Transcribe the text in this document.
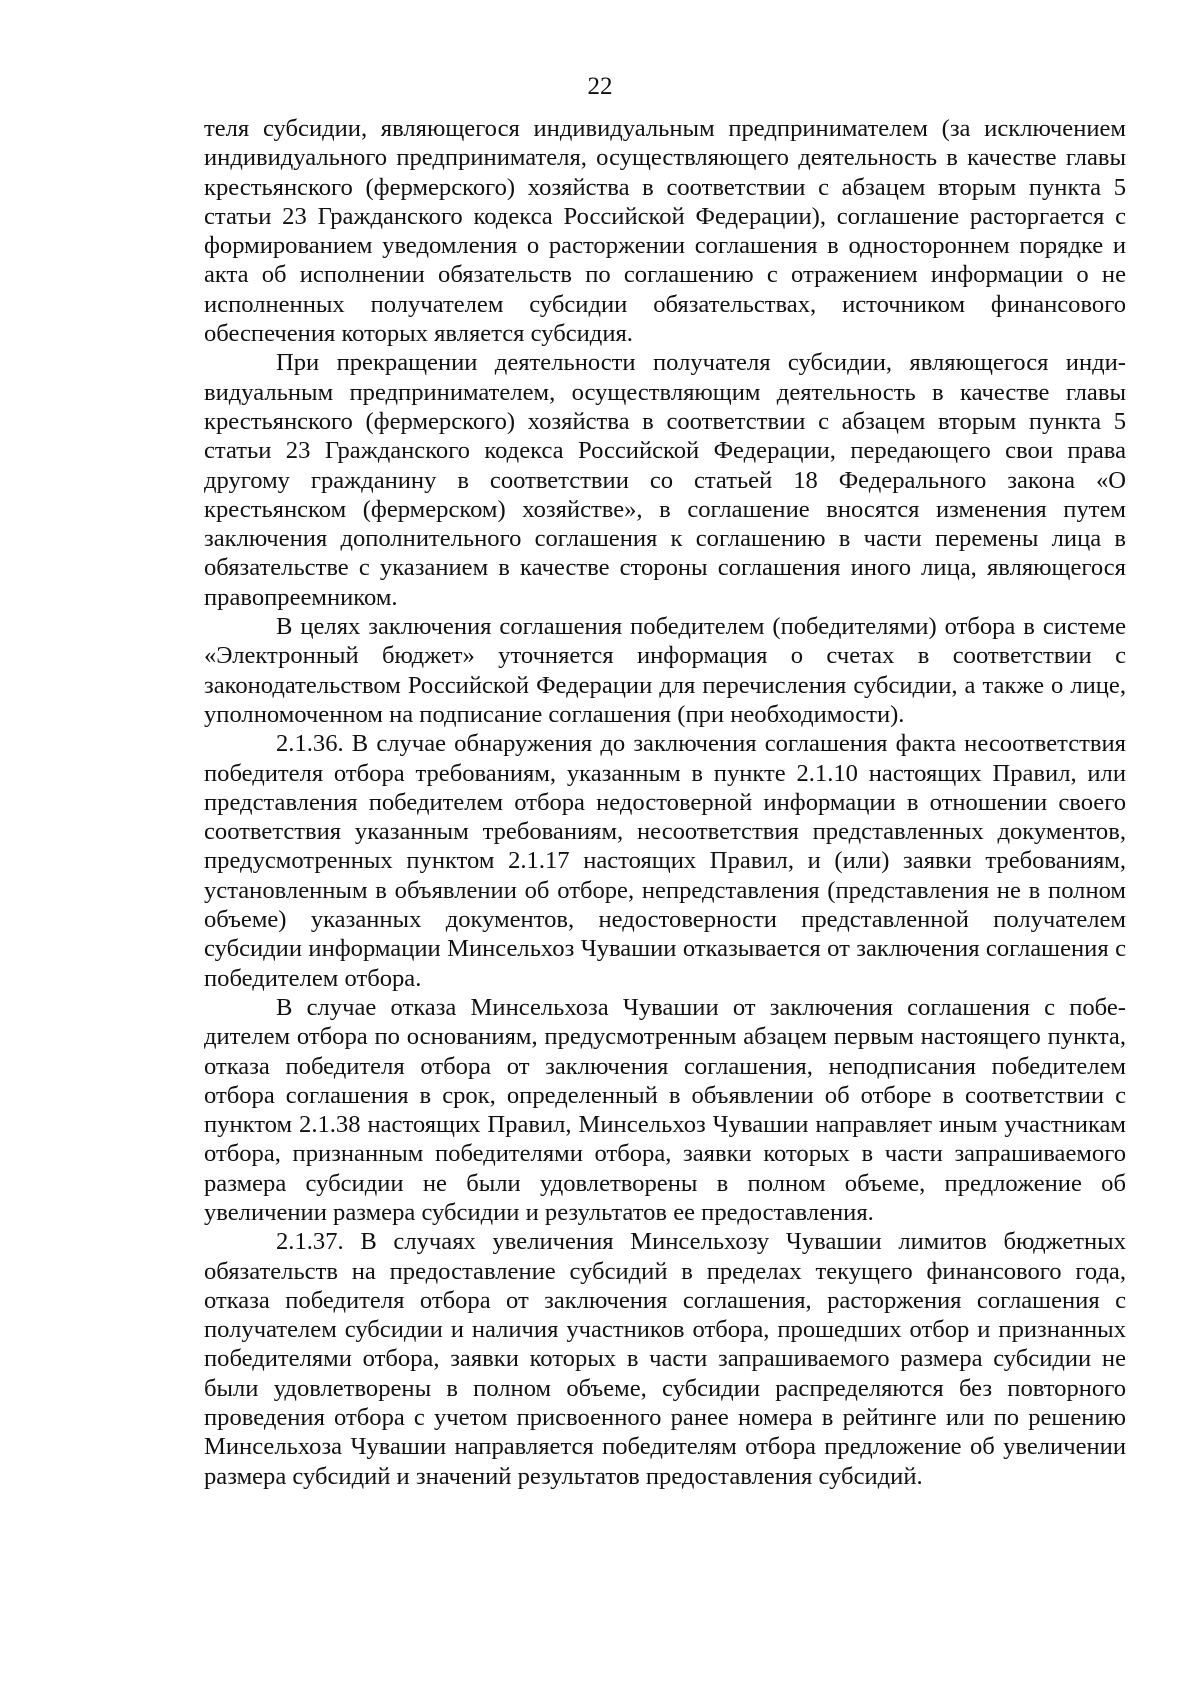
22

теля субсидии, являющегося индивидуальным предпринимателем (за исключением индивидуального предпринимателя, осуществляющего деятельность в качестве главы крестьянского (фермерского) хозяйства в соответствии с абзацем вторым пункта 5 статьи 23 Гражданского кодекса Российской Федерации), соглашение расторгается с формированием уведомления о расторжении соглашения в одностороннем порядке и акта об исполнении обязательств по соглашению с отражением информации о не исполненных получателем субсидии обязательствах, источником финансового обеспечения которых является субсидия.

При прекращении деятельности получателя субсидии, являющегося индивидуальным предпринимателем, осуществляющим деятельность в качестве главы крестьянского (фермерского) хозяйства в соответствии с абзацем вторым пункта 5 статьи 23 Гражданского кодекса Российской Федерации, передающего свои права другому гражданину в соответствии со статьей 18 Федерального закона «О крестьянском (фермерском) хозяйстве», в соглашение вносятся изменения путем заключения дополнительного соглашения к соглашению в части перемены лица в обязательстве с указанием в качестве стороны соглашения иного лица, являющегося правопреемником.

В целях заключения соглашения победителем (победителями) отбора в системе «Электронный бюджет» уточняется информация о счетах в соответствии с законодательством Российской Федерации для перечисления субсидии, а также о лице, уполномоченном на подписание соглашения (при необходимости).

2.1.36. В случае обнаружения до заключения соглашения факта несоответствия победителя отбора требованиям, указанным в пункте 2.1.10 настоящих Правил, или представления победителем отбора недостоверной информации в отношении своего соответствия указанным требованиям, несоответствия представленных документов, предусмотренных пунктом 2.1.17 настоящих Правил, и (или) заявки требованиям, установленным в объявлении об отборе, непредставления (представления не в полном объеме) указанных документов, недостоверности представленной получателем субсидии информации Минсельхоз Чувашии отказывается от заключения соглашения с победителем отбора.

В случае отказа Минсельхоза Чувашии от заключения соглашения с победителем отбора по основаниям, предусмотренным абзацем первым настоящего пункта, отказа победителя отбора от заключения соглашения, неподписания победителем отбора соглашения в срок, определенный в объявлении об отборе в соответствии с пунктом 2.1.38 настоящих Правил, Минсельхоз Чувашии направляет иным участникам отбора, признанным победителями отбора, заявки которых в части запрашиваемого размера субсидии не были удовлетворены в полном объеме, предложение об увеличении размера субсидии и результатов ее предоставления.

2.1.37. В случаях увеличения Минсельхозу Чувашии лимитов бюджетных обязательств на предоставление субсидий в пределах текущего финансового года, отказа победителя отбора от заключения соглашения, расторжения соглашения с получателем субсидии и наличия участников отбора, прошедших отбор и признанных победителями отбора, заявки которых в части запрашиваемого размера субсидии не были удовлетворены в полном объеме, субсидии распределяются без повторного проведения отбора с учетом присвоенного ранее номера в рейтинге или по решению Минсельхоза Чувашии направляется победителям отбора предложение об увеличении размера субсидий и значений результатов предоставления субсидий.
